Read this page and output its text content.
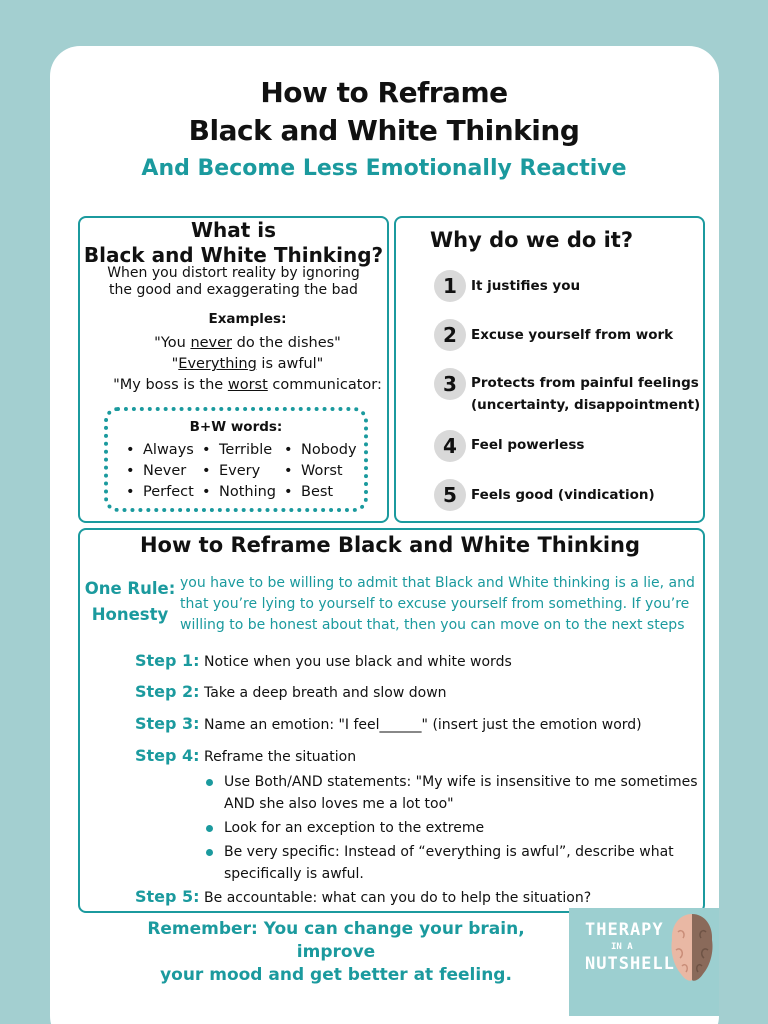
How to Reframe
Black and White Thinking
And Become Less Emotionally Reactive
What is
Black and White Thinking?
When you distort reality by ignoring
the good and exaggerating the bad
Examples:
"You never do the dishes"
"Everything is awful"
"My boss is the worst communicator:
B+W words:
• Always	• Terrible	• Nobody
• Never	• Every	• Worst
• Perfect	• Nothing	• Best
Why do we do it?
1	It justifies you
2	Excuse yourself from work
3	Protects from painful feelings
(uncertainty, disappointment)
4	Feel powerless
5	Feels good (vindication)
How to Reframe Black and White Thinking
One Rule:
Honesty
you have to be willing to admit that Black and White thinking is a lie, and
that you’re lying to yourself to excuse yourself from something. If you’re
willing to be honest about that, then you can move on to the next steps
Step 1: Notice when you use black and white words
Step 2: Take a deep breath and slow down
Step 3: Name an emotion: "I feel______" (insert just the emotion word)
Step 4: Reframe the situation
Use Both/AND statements: "My wife is insensitive to me sometimes AND she also loves me a lot too"
Look for an exception to the extreme
Be very specific: Instead of “everything is awful”, describe what specifically is awful.
Step 5: Be accountable: what can you do to help the situation?
Remember: You can change your brain, improve
your mood and get better at feeling.
THERAPY
IN A
NUTSHELL
